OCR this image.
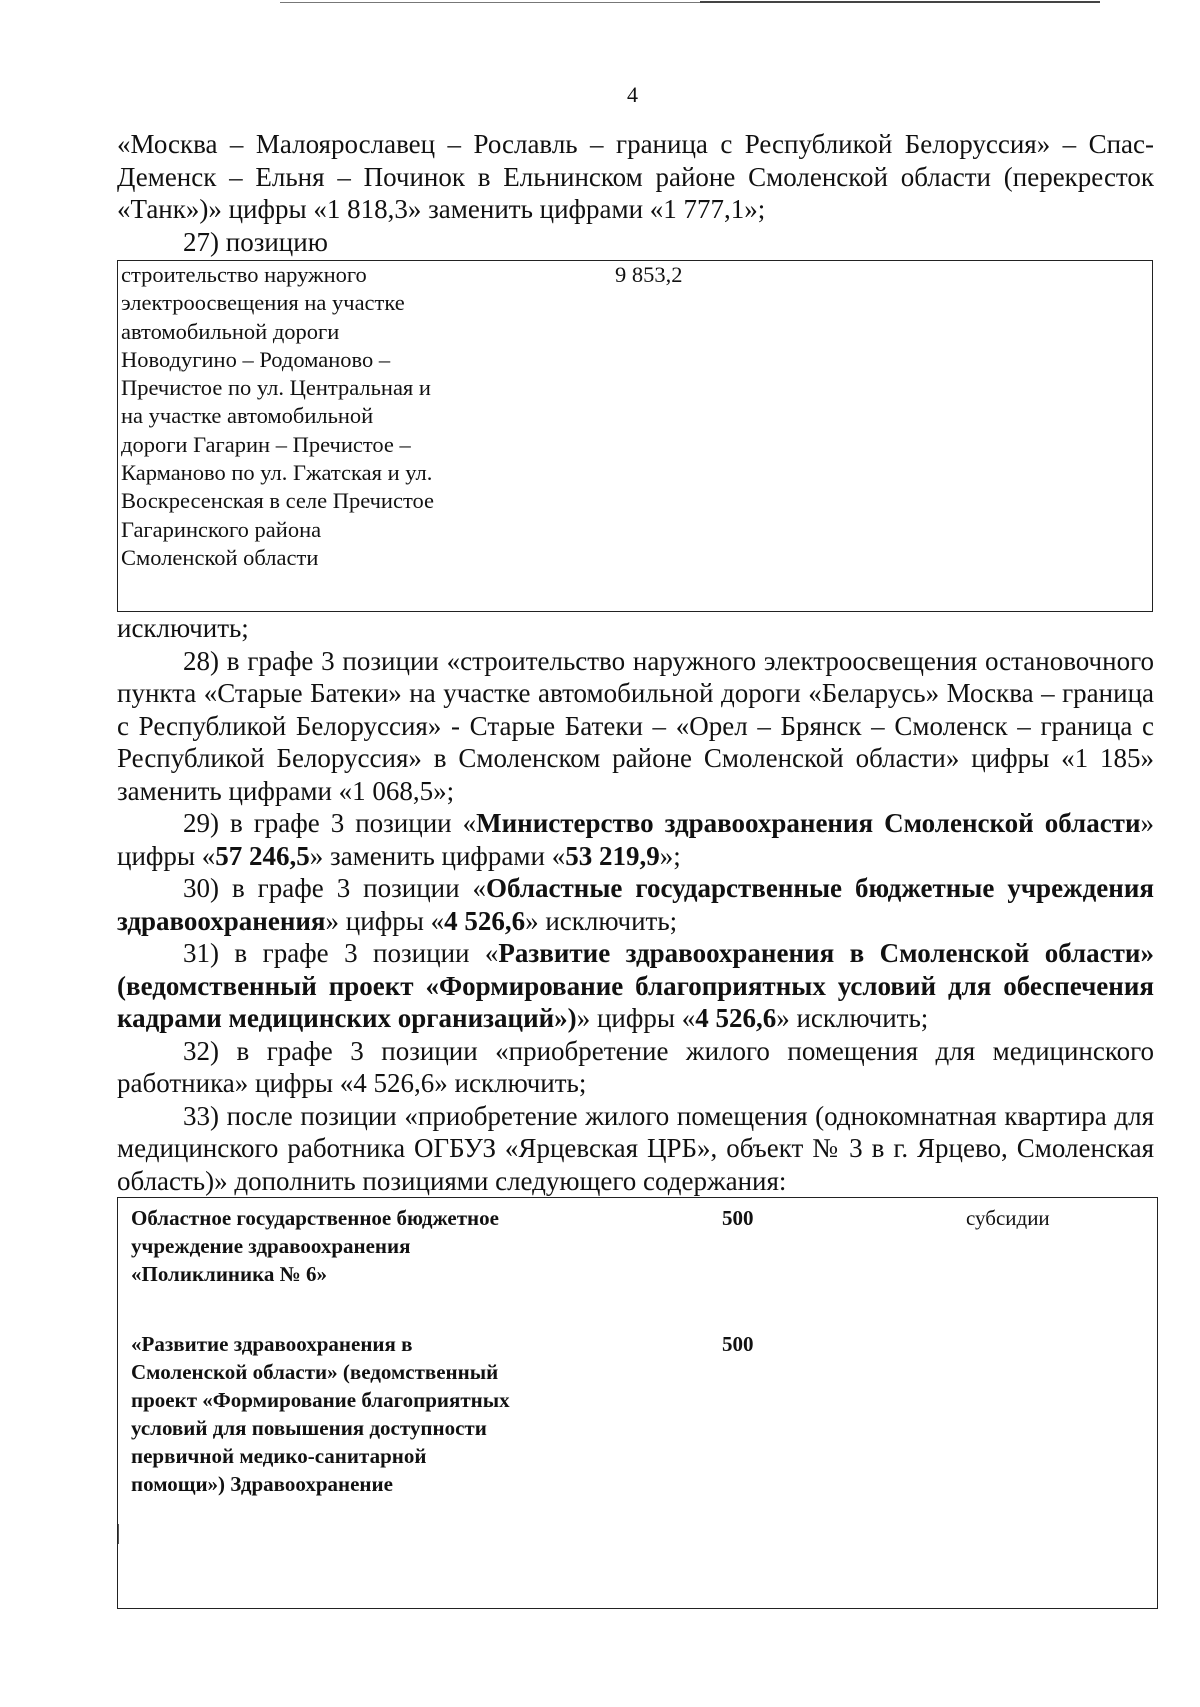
4

«Москва – Малоярославец – Рославль – граница с Республикой Белоруссия» – Спас-Деменск – Ельня – Починок в Ельнинском районе Смоленской области (перекресток «Танк»)» цифры «1 818,3» заменить цифрами «1 777,1»;

27) позицию

строительство наружного электроосвещения на участке автомобильной дороги Новодугино – Родоманово – Пречистое по ул. Центральная и на участке автомобильной дороги Гагарин – Пречистое – Карманово по ул. Гжатская и ул. Воскресенская в селе Пречистое Гагаринского района Смоленской области
9 853,2

исключить;

28) в графе 3 позиции «строительство наружного электроосвещения остановочного пункта «Старые Батеки» на участке автомобильной дороги «Беларусь» Москва – граница с Республикой Белоруссия» - Старые Батеки – «Орел – Брянск – Смоленск – граница с Республикой Белоруссия» в Смоленском районе Смоленской области» цифры «1 185» заменить цифрами «1 068,5»;

29) в графе 3 позиции «Министерство здравоохранения Смоленской области» цифры «57 246,5» заменить цифрами «53 219,9»;

30) в графе 3 позиции «Областные государственные бюджетные учреждения здравоохранения» цифры «4 526,6» исключить;

31) в графе 3 позиции «Развитие здравоохранения в Смоленской области» (ведомственный проект «Формирование благоприятных условий для обеспечения кадрами медицинских организаций»)» цифры «4 526,6» исключить;

32) в графе 3 позиции «приобретение жилого помещения для медицинского работника» цифры «4 526,6» исключить;

33) после позиции «приобретение жилого помещения (однокомнатная квартира для медицинского работника ОГБУЗ «Ярцевская ЦРБ», объект № 3 в г. Ярцево, Смоленская область)» дополнить позициями следующего содержания:

Областное государственное бюджетное учреждение здравоохранения «Поликлиника № 6»
500	субсидии
«Развитие здравоохранения в Смоленской области» (ведомственный проект «Формирование благоприятных условий для повышения доступности первичной медико-санитарной помощи») Здравоохранение
500
